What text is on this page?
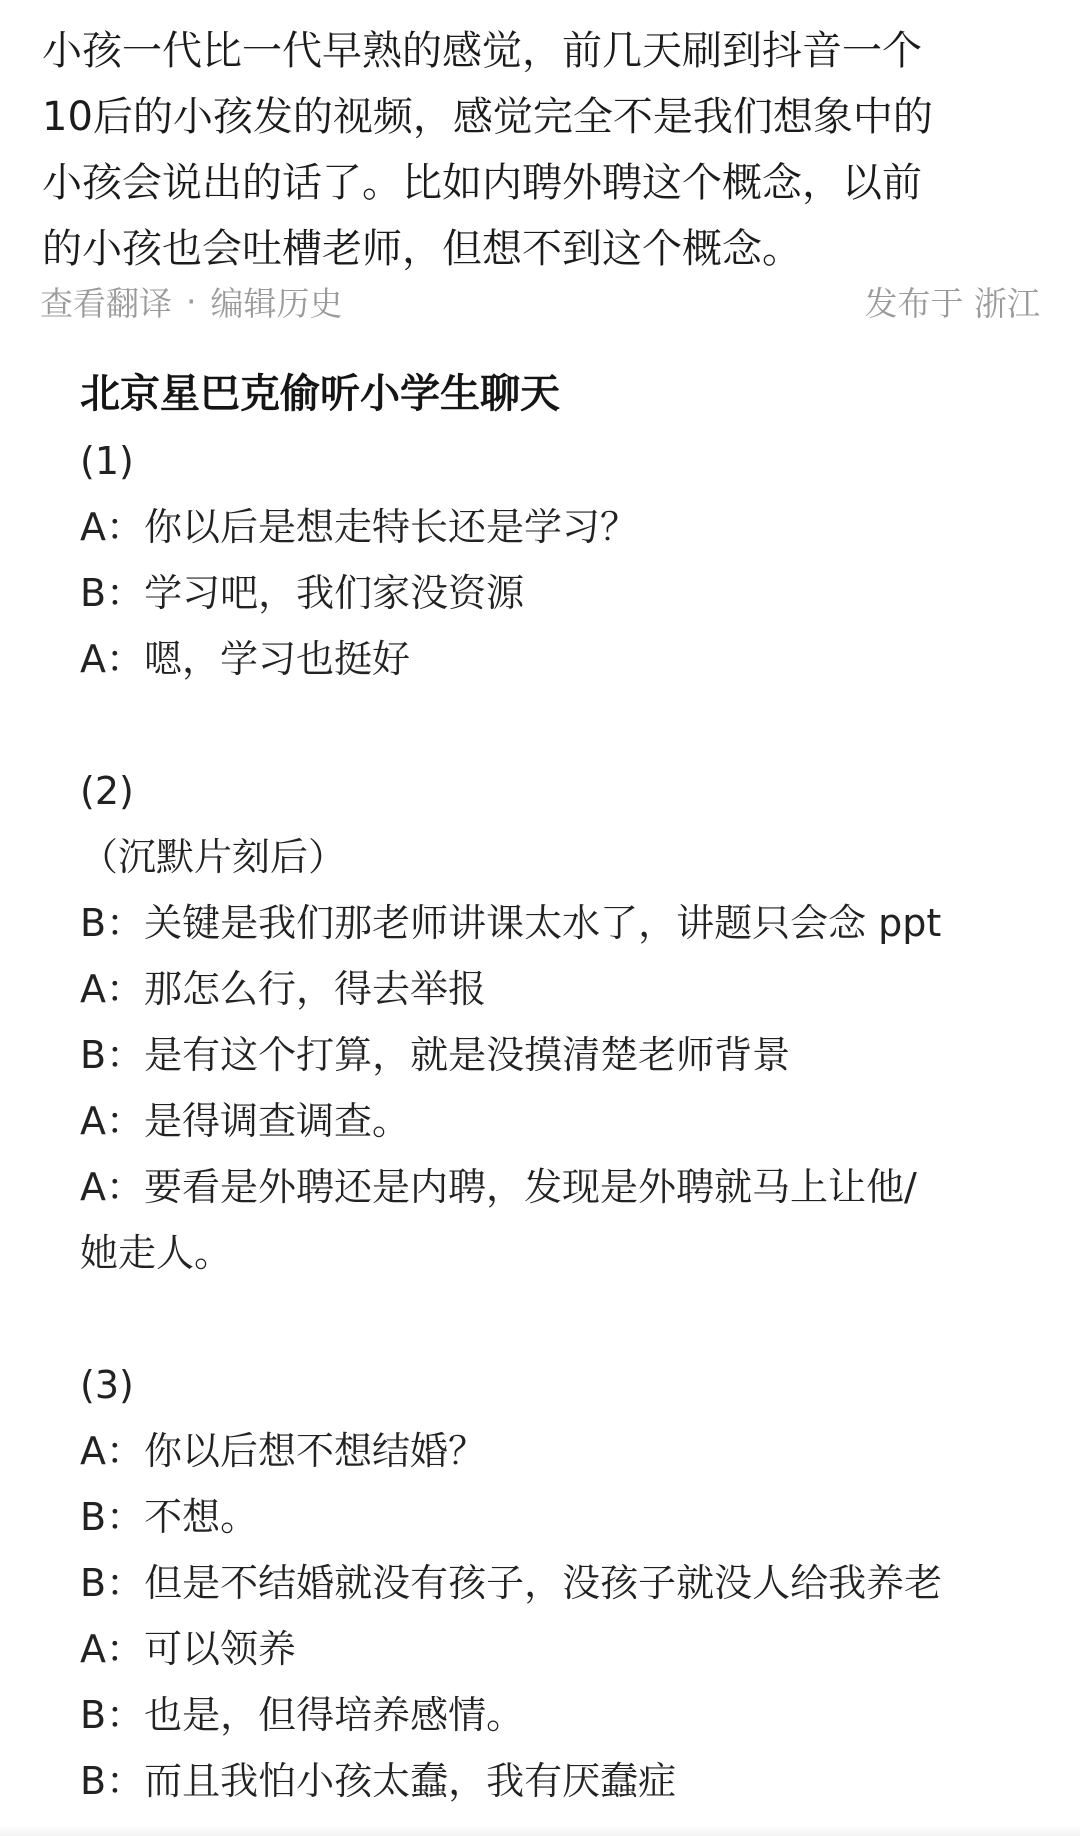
小孩一代比一代早熟的感觉，前几天刷到抖音一个
10后的小孩发的视频，感觉完全不是我们想象中的
小孩会说出的话了。比如内聘外聘这个概念，以前
的小孩也会吐槽老师，但想不到这个概念。
查看翻译 · 编辑历史	发布于 浙江
北京星巴克偷听小学生聊天
(1)
A：你以后是想走特长还是学习？
B：学习吧，我们家没资源
A：嗯，学习也挺好
(2)
（沉默片刻后）
B：关键是我们那老师讲课太水了，讲题只会念 ppt
A：那怎么行，得去举报
B：是有这个打算，就是没摸清楚老师背景
A：是得调查调查。
A：要看是外聘还是内聘，发现是外聘就马上让他/
她走人。
(3)
A：你以后想不想结婚？
B：不想。
B：但是不结婚就没有孩子，没孩子就没人给我养老
A：可以领养
B：也是，但得培养感情。
B：而且我怕小孩太蠢，我有厌蠢症
